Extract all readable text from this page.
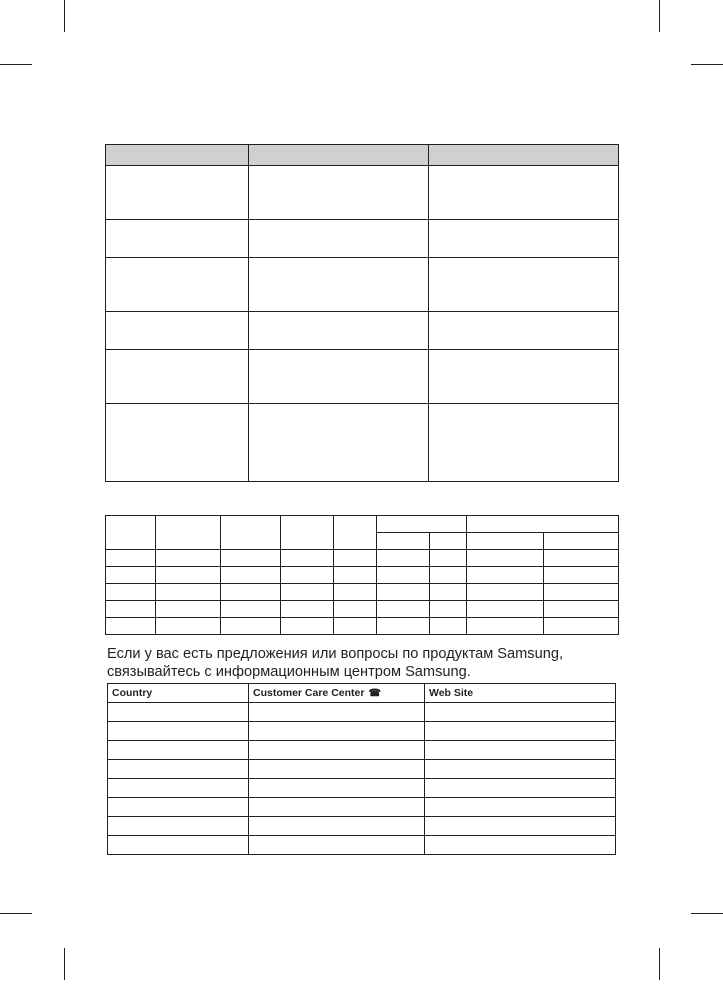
Если у вас есть предложения или вопросы по продуктам Samsung, связывайтесь с информационным центром Samsung.
Country	Customer Care Center ☎	Web Site
